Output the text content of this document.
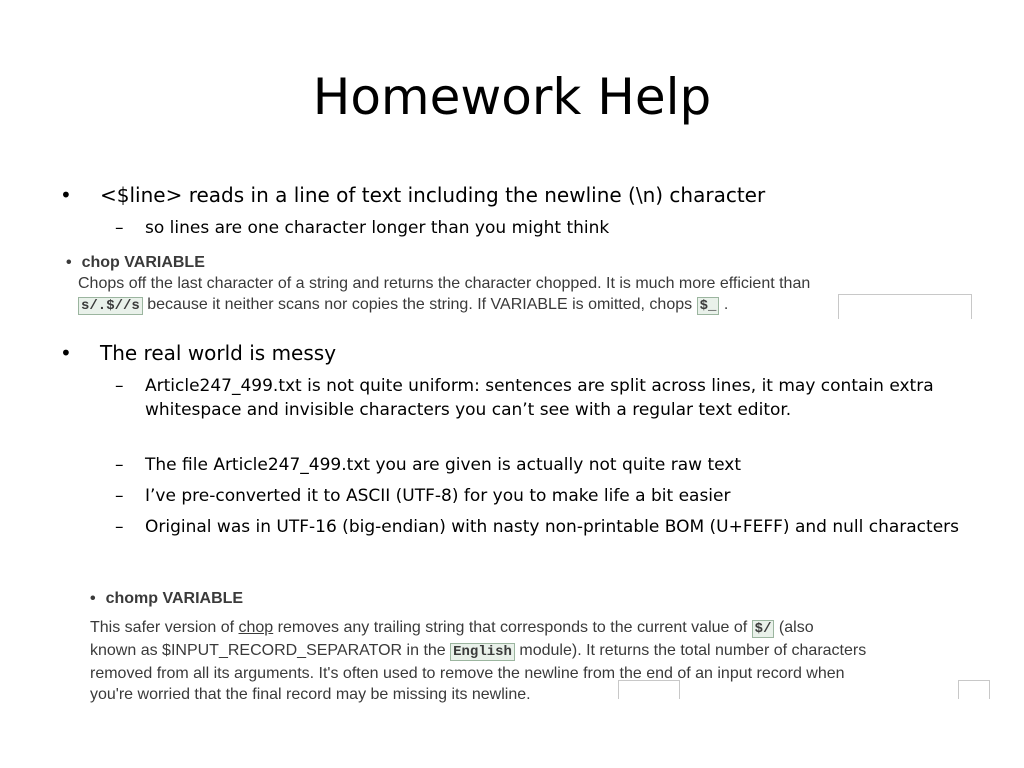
Homework Help
• <$line> reads in a line of text including the newline (\n) character
– so lines are one character longer than you might think
• chop VARIABLE
Chops off the last character of a string and returns the character chopped. It is much more efficient than
s/.$//s because it neither scans nor copies the string. If VARIABLE is omitted, chops $_ .
• The real world is messy
– Article247_499.txt is not quite uniform: sentences are split across lines, it may contain extra whitespace and invisible characters you can’t see with a regular text editor.
– The file Article247_499.txt you are given is actually not quite raw text
– I’ve pre-converted it to ASCII (UTF-8) for you to make life a bit easier
– Original was in UTF-16 (big-endian) with nasty non-printable BOM (U+FEFF) and null characters
• chomp VARIABLE
This safer version of chop removes any trailing string that corresponds to the current value of $/ (also
known as $INPUT_RECORD_SEPARATOR in the English module). It returns the total number of characters
removed from all its arguments. It's often used to remove the newline from the end of an input record when
you're worried that the final record may be missing its newline.
